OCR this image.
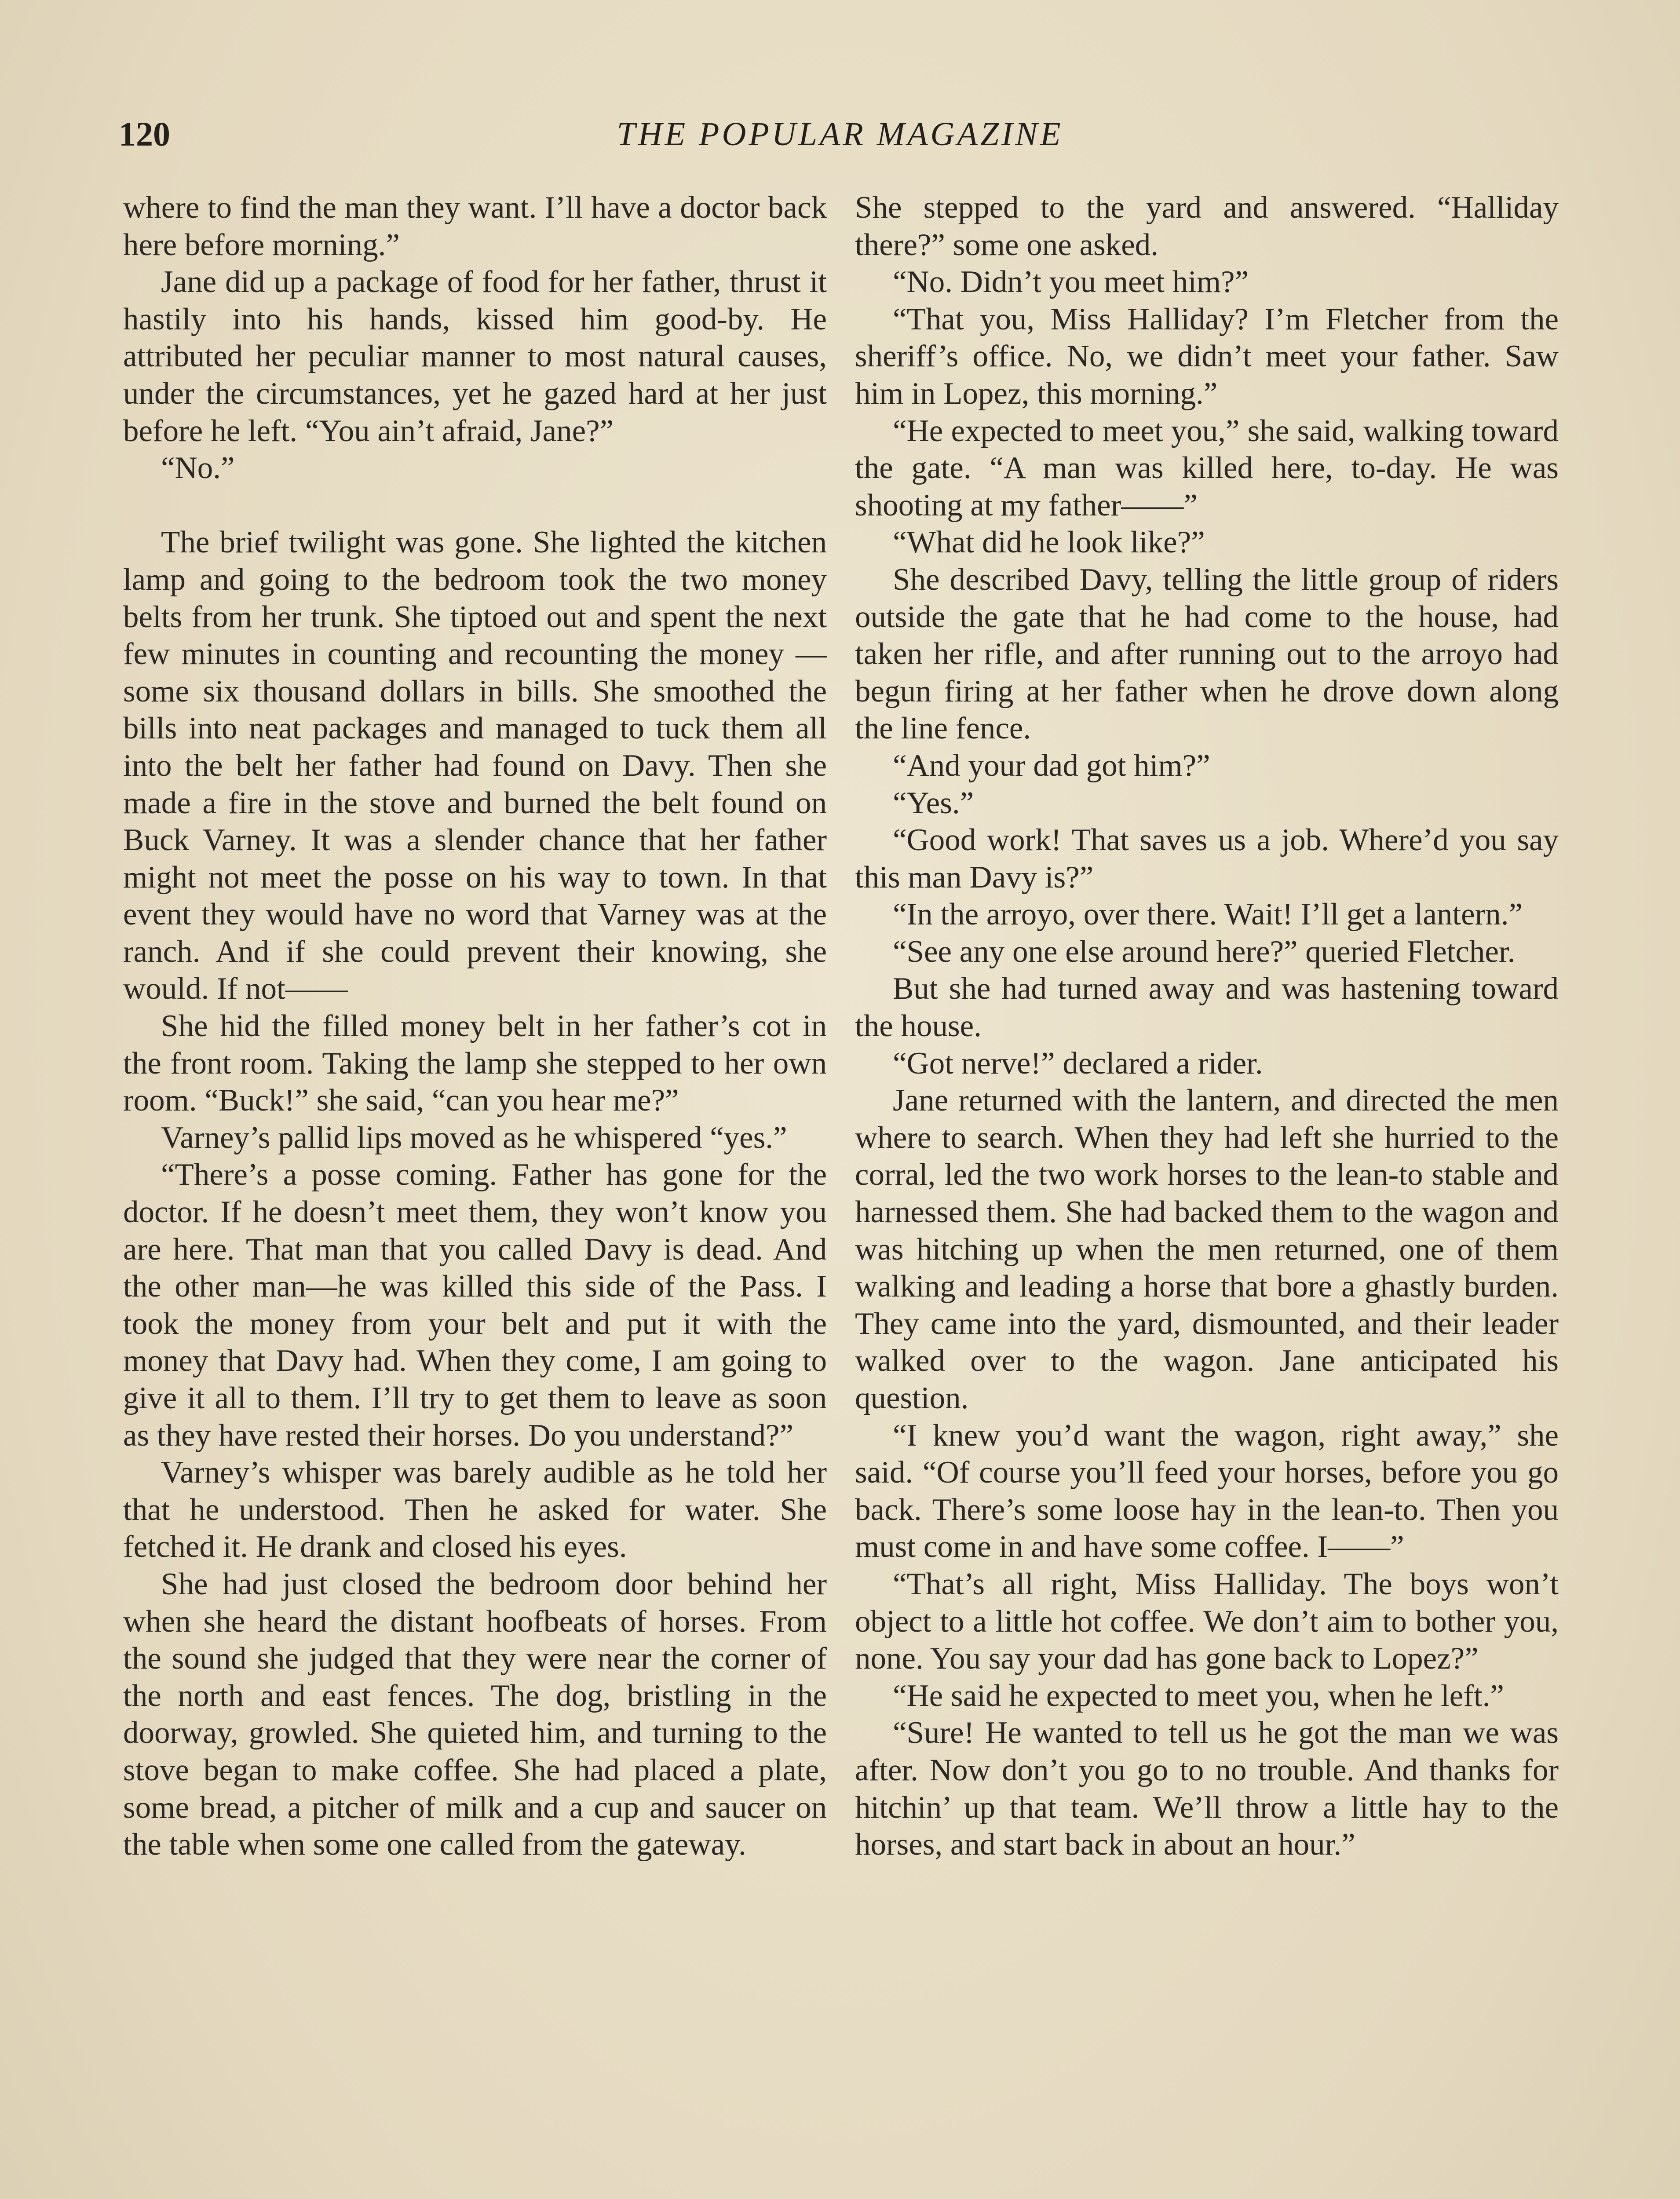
120	THE POPULAR MAGAZINE

where to find the man they want. I’ll have a doctor back here before morning.”

Jane did up a package of food for her father, thrust it hastily into his hands, kissed him good-by. He attributed her peculiar manner to most natural causes, under the circumstances, yet he gazed hard at her just before he left. “You ain’t afraid, Jane?”

“No.”

The brief twilight was gone. She lighted the kitchen lamp and going to the bedroom took the two money belts from her trunk. She tiptoed out and spent the next few minutes in counting and recounting the money —some six thousand dollars in bills. She smoothed the bills into neat packages and managed to tuck them all into the belt her father had found on Davy. Then she made a fire in the stove and burned the belt found on Buck Varney. It was a slender chance that her father might not meet the posse on his way to town. In that event they would have no word that Varney was at the ranch. And if she could prevent their knowing, she would. If not——

She hid the filled money belt in her father’s cot in the front room. Taking the lamp she stepped to her own room. “Buck!” she said, “can you hear me?”

Varney’s pallid lips moved as he whispered “yes.”

“There’s a posse coming. Father has gone for the doctor. If he doesn’t meet them, they won’t know you are here. That man that you called Davy is dead. And the other man—he was killed this side of the Pass. I took the money from your belt and put it with the money that Davy had. When they come, I am going to give it all to them. I’ll try to get them to leave as soon as they have rested their horses. Do you understand?”

Varney’s whisper was barely audible as he told her that he understood. Then he asked for water. She fetched it. He drank and closed his eyes.

She had just closed the bedroom door behind her when she heard the distant hoofbeats of horses. From the sound she judged that they were near the corner of the north and east fences. The dog, bristling in the doorway, growled. She quieted him, and turning to the stove began to make coffee. She had placed a plate, some bread, a pitcher of milk and a cup and saucer on the table when some one called from the gateway.

She stepped to the yard and answered. “Halliday there?” some one asked.

“No. Didn’t you meet him?”

“That you, Miss Halliday? I’m Fletcher from the sheriff’s office. No, we didn’t meet your father. Saw him in Lopez, this morning.”

“He expected to meet you,” she said, walking toward the gate. “A man was killed here, to-day. He was shooting at my father——”

“What did he look like?”

She described Davy, telling the little group of riders outside the gate that he had come to the house, had taken her rifle, and after running out to the arroyo had begun firing at her father when he drove down along the line fence.

“And your dad got him?”

“Yes.”

“Good work! That saves us a job. Where’d you say this man Davy is?”

“In the arroyo, over there. Wait! I’ll get a lantern.”

“See any one else around here?” queried Fletcher.

But she had turned away and was hastening toward the house.

“Got nerve!” declared a rider.

Jane returned with the lantern, and directed the men where to search. When they had left she hurried to the corral, led the two work horses to the lean-to stable and harnessed them. She had backed them to the wagon and was hitching up when the men returned, one of them walking and leading a horse that bore a ghastly burden. They came into the yard, dismounted, and their leader walked over to the wagon. Jane anticipated his question.

“I knew you’d want the wagon, right away,” she said. “Of course you’ll feed your horses, before you go back. There’s some loose hay in the lean-to. Then you must come in and have some coffee. I——”

“That’s all right, Miss Halliday. The boys won’t object to a little hot coffee. We don’t aim to bother you, none. You say your dad has gone back to Lopez?”

“He said he expected to meet you, when he left.”

“Sure! He wanted to tell us he got the man we was after. Now don’t you go to no trouble. And thanks for hitchin’ up that team. We’ll throw a little hay to the horses, and start back in about an hour.”
